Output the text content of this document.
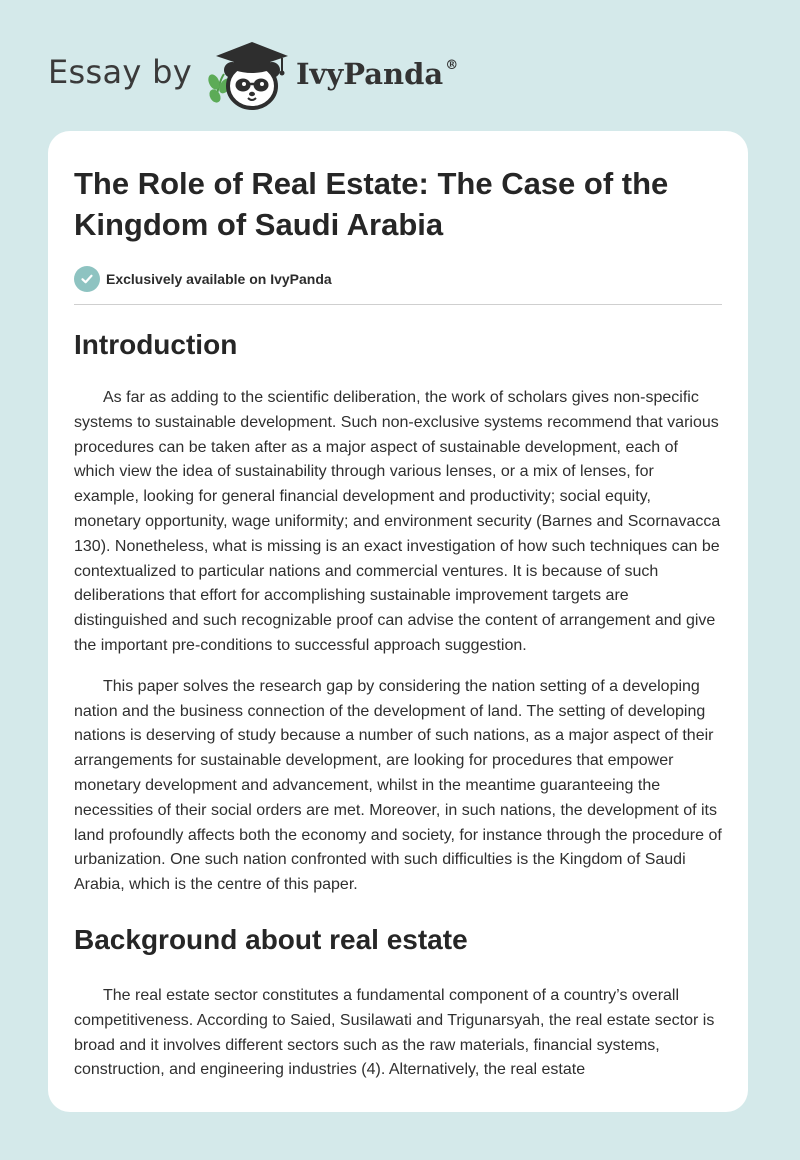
Essay by	IvyPanda ®
The Role of Real Estate: The Case of the Kingdom of Saudi Arabia
Exclusively available on IvyPanda
Introduction

As far as adding to the scientific deliberation, the work of scholars gives non-specific systems to sustainable development. Such non-exclusive systems recommend that various procedures can be taken after as a major aspect of sustainable development, each of which view the idea of sustainability through various lenses, or a mix of lenses, for example, looking for general financial development and productivity; social equity, monetary opportunity, wage uniformity; and environment security (Barnes and Scornavacca 130). Nonetheless, what is missing is an exact investigation of how such techniques can be contextualized to particular nations and commercial ventures. It is because of such deliberations that effort for accomplishing sustainable improvement targets are distinguished and such recognizable proof can advise the content of arrangement and give the important pre-conditions to successful approach suggestion.

This paper solves the research gap by considering the nation setting of a developing nation and the business connection of the development of land. The setting of developing nations is deserving of study because a number of such nations, as a major aspect of their arrangements for sustainable development, are looking for procedures that empower monetary development and advancement, whilst in the meantime guaranteeing the necessities of their social orders are met. Moreover, in such nations, the development of its land profoundly affects both the economy and society, for instance through the procedure of urbanization. One such nation confronted with such difficulties is the Kingdom of Saudi Arabia, which is the centre of this paper.

Background about real estate

The real estate sector constitutes a fundamental component of a country’s overall competitiveness. According to Saied, Susilawati and Trigunarsyah, the real estate sector is broad and it involves different sectors such as the raw materials, financial systems, construction, and engineering industries (4). Alternatively, the real estate
